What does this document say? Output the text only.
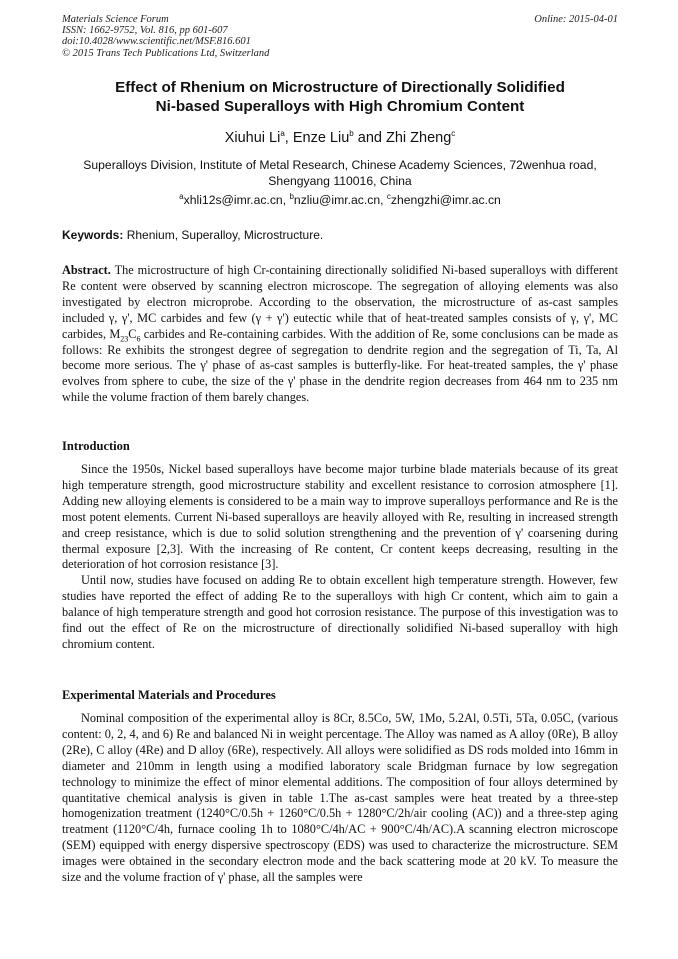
Materials Science Forum
ISSN: 1662-9752, Vol. 816, pp 601-607
doi:10.4028/www.scientific.net/MSF.816.601
© 2015 Trans Tech Publications Ltd, Switzerland
Online: 2015-04-01
Effect of Rhenium on Microstructure of Directionally Solidified
Ni-based Superalloys with High Chromium Content
Xiuhui Li$^a$, Enze Liu$^b$ and Zhi Zheng$^c$
Superalloys Division, Institute of Metal Research, Chinese Academy Sciences, 72wenhua road,
Shengyang 110016, China
$^a$xhli12s@imr.ac.cn, $^b$nzliu@imr.ac.cn, $^c$zhengzhi@imr.ac.cn
Keywords: Rhenium, Superalloy, Microstructure.
Abstract. The microstructure of high Cr-containing directionally solidified Ni-based superalloys with different Re content were observed by scanning electron microscope. The segregation of alloying elements was also investigated by electron microprobe. According to the observation, the microstructure of as-cast samples included γ, γ', MC carbides and few (γ + γ') eutectic while that of heat-treated samples consists of γ, γ', MC carbides, $M_{23}C_6$ carbides and Re-containing carbides. With the addition of Re, some conclusions can be made as follows: Re exhibits the strongest degree of segregation to dendrite region and the segregation of Ti, Ta, Al become more serious. The γ' phase of as-cast samples is butterfly-like. For heat-treated samples, the γ' phase evolves from sphere to cube, the size of the γ' phase in the dendrite region decreases from 464 nm to 235 nm while the volume fraction of them barely changes.
Introduction

Since the 1950s, Nickel based superalloys have become major turbine blade materials because of its great high temperature strength, good microstructure stability and excellent resistance to corrosion atmosphere [1]. Adding new alloying elements is considered to be a main way to improve superalloys performance and Re is the most potent elements. Current Ni-based superalloys are heavily alloyed with Re, resulting in increased strength and creep resistance, which is due to solid solution strengthening and the prevention of γ' coarsening during thermal exposure [2,3]. With the increasing of Re content, Cr content keeps decreasing, resulting in the deterioration of hot corrosion resistance [3].

Until now, studies have focused on adding Re to obtain excellent high temperature strength. However, few studies have reported the effect of adding Re to the superalloys with high Cr content, which aim to gain a balance of high temperature strength and good hot corrosion resistance. The purpose of this investigation was to find out the effect of Re on the microstructure of directionally solidified Ni-based superalloy with high chromium content.

Experimental Materials and Procedures

Nominal composition of the experimental alloy is 8Cr, 8.5Co, 5W, 1Mo, 5.2Al, 0.5Ti, 5Ta, 0.05C, (various content: 0, 2, 4, and 6) Re and balanced Ni in weight percentage. The Alloy was named as A alloy (0Re), B alloy (2Re), C alloy (4Re) and D alloy (6Re), respectively. All alloys were solidified as DS rods molded into 16mm in diameter and 210mm in length using a modified laboratory scale Bridgman furnace by low segregation technology to minimize the effect of minor elemental additions. The composition of four alloys determined by quantitative chemical analysis is given in table 1.The as-cast samples were heat treated by a three-step homogenization treatment (1240°C/0.5h + 1260°C/0.5h + 1280°C/2h/air cooling (AC)) and a three-step aging treatment (1120°C/4h, furnace cooling 1h to 1080°C/4h/AC + 900°C/4h/AC).A scanning electron microscope (SEM) equipped with energy dispersive spectroscopy (EDS) was used to characterize the microstructure. SEM images were obtained in the secondary electron mode and the back scattering mode at 20 kV. To measure the size and the volume fraction of γ' phase, all the samples were
